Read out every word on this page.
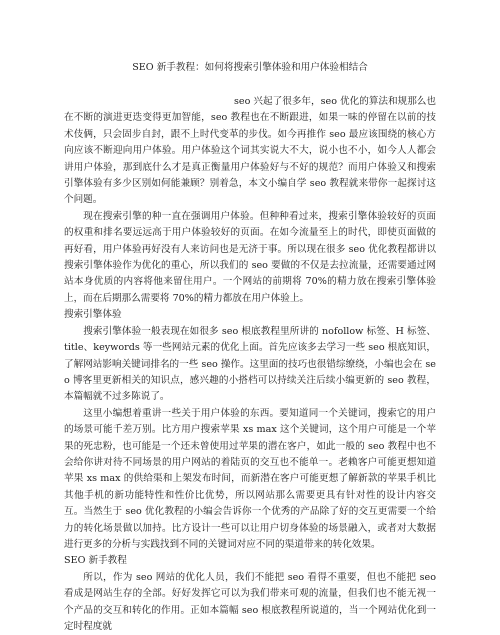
SEO 新手教程：如何将搜索引擎体验和用户体验相结合

seo 兴起了很多年，seo 优化的算法和规那么也在不断的演进更迭变得更加智能，seo 教程也在不断跟进，如果一味的停留在以前的技术伎俩，只会固步自封，跟不上时代变革的步伐。如今再推作 seo 最应该围绕的核心方向应该不断迎向用户体验。用户体验这个词其实说大不大，说小也不小，如今人人都会讲用户体验，那到底什么才是真正衡量用户体验好与不好的规范？而用户体验又和搜索引擎体验有多少区别如何能兼顾？别着急，本文小编自学 seo 教程就来带你一起探讨这个问题。

现在搜索引擎的种一直在强调用户体验。但种种看过来，搜索引擎体验较好的页面的权重和排名要远远高于用户体验较好的页面。在如今流量至上的时代，即使页面做的再好看，用户体验再好没有人来访问也是无济于事。所以现在很多 seo 优化教程都讲以搜索引擎体验作为优化的重心，所以我们的 seo 要做的不仅是去拉流量，还需要通过网站本身优质的内容将他来留住用户。一个网站的前期将 70%的精力放在搜索引擎体验上，而在后期那么需要将 70%的精力都放在用户体验上。

搜索引擎体验

搜索引擎体验一般表现在如很多 seo 根底教程里所讲的 nofollow 标签、H 标签、title、keywords 等一些网站元素的优化上面。首先应该多去学习一些 seo 根底知识，了解网站影响关键词排名的一些 seo 操作。这里面的技巧也很错综缭绕，小编也会在 seo 博客里更新相关的知识点，感兴趣的小搭档可以持续关注后续小编更新的 seo 教程，本篇幅就不过多陈说了。

这里小编想着重讲一些关于用户体验的东西。要知道同一个关键词，搜索它的用户的场景可能千差万别。比方用户搜索苹果 xs max 这个关键词，这个用户可能是一个苹果的死忠粉，也可能是一个还未曾使用过苹果的潜在客户，如此一般的 seo 教程中也不会给你讲对待不同场景的用户网站的着陆页的交互也不能单一。老赖客户可能更想知道苹果 xs max 的供给渠和上架发布时间，而新潜在客户可能更想了解新款的苹果手机比其他手机的新功能特性和性价比优势，所以网站那么需要更具有针对性的设计内容交互。当然生于 seo 优化教程的小编会告诉你一个优秀的产品除了好的交互更需要一个给力的转化场景做以加持。比方设计一些可以让用户切身体验的场景融入，或者对大数据进行更多的分析与实践找到不同的关键词对应不同的渠道带来的转化效果。

SEO 新手教程

所以，作为 seo 网站的优化人员，我们不能把 seo 看得不重要，但也不能把 seo 看成是网站生存的全部。好好发挥它可以为我们带来可观的流量，但我们也不能无视一个产品的交互和转化的作用。正如本篇幅 seo 根底教程所说道的，当一个网站优化到一定时程度就
